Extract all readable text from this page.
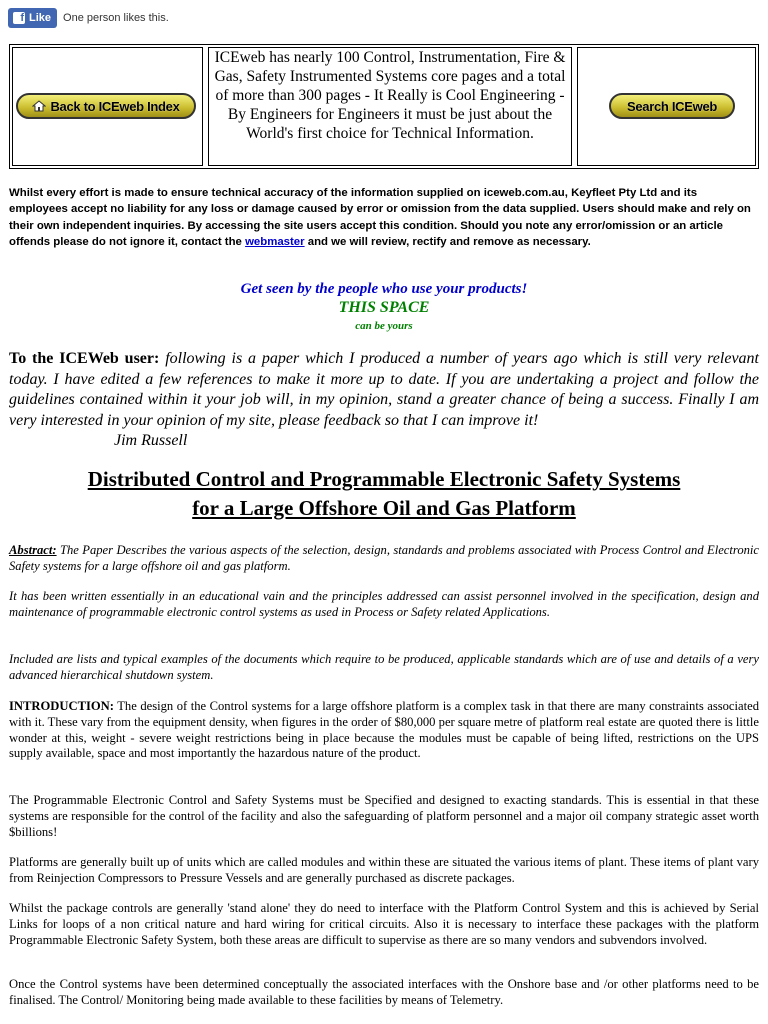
f Like One person likes this.
Back to ICEweb Index
ICEweb has nearly 100 Control, Instrumentation, Fire & Gas, Safety Instrumented Systems core pages and a total of more than 300 pages - It Really is Cool Engineering - By Engineers for Engineers it must be just about the World's first choice for Technical Information.
Search ICEweb
Whilst every effort is made to ensure technical accuracy of the information supplied on iceweb.com.au, Keyfleet Pty Ltd and its employees accept no liability for any loss or damage caused by error or omission from the data supplied. Users should make and rely on their own independent inquiries. By accessing the site users accept this condition. Should you note any error/omission or an article offends please do not ignore it, contact the webmaster and we will review, rectify and remove as necessary.
Get seen by the people who use your products!
THIS SPACE
can be yours
To the ICEWeb user: following is a paper which I produced a number of years ago which is still very relevant today. I have edited a few references to make it more up to date. If you are undertaking a project and follow the guidelines contained within it your job will, in my opinion, stand a greater chance of being a success. Finally I am very interested in your opinion of my site, please feedback so that I can improve it!
Jim Russell
Distributed Control and Programmable Electronic Safety Systems
for a Large Offshore Oil and Gas Platform
Abstract: The Paper Describes the various aspects of the selection, design, standards and problems associated with Process Control and Electronic Safety systems for a large offshore oil and gas platform.
It has been written essentially in an educational vain and the principles addressed can assist personnel involved in the specification, design and maintenance of programmable electronic control systems as used in Process or Safety related Applications.
Included are lists and typical examples of the documents which require to be produced, applicable standards which are of use and details of a very advanced hierarchical shutdown system.
INTRODUCTION: The design of the Control systems for a large offshore platform is a complex task in that there are many constraints associated with it. These vary from the equipment density, when figures in the order of $80,000 per square metre of platform real estate are quoted there is little wonder at this, weight - severe weight restrictions being in place because the modules must be capable of being lifted, restrictions on the UPS supply available, space and most importantly the hazardous nature of the product.
The Programmable Electronic Control and Safety Systems must be Specified and designed to exacting standards. This is essential in that these systems are responsible for the control of the facility and also the safeguarding of platform personnel and a major oil company strategic asset worth $billions!
Platforms are generally built up of units which are called modules and within these are situated the various items of plant. These items of plant vary from Reinjection Compressors to Pressure Vessels and are generally purchased as discrete packages.
Whilst the package controls are generally 'stand alone' they do need to interface with the Platform Control System and this is achieved by Serial Links for loops of a non critical nature and hard wiring for critical circuits. Also it is necessary to interface these packages with the platform Programmable Electronic Safety System, both these areas are difficult to supervise as there are so many vendors and subvendors involved.
Once the Control systems have been determined conceptually the associated interfaces with the Onshore base and /or other platforms need to be finalised. The Control/ Monitoring being made available to these facilities by means of Telemetry.
